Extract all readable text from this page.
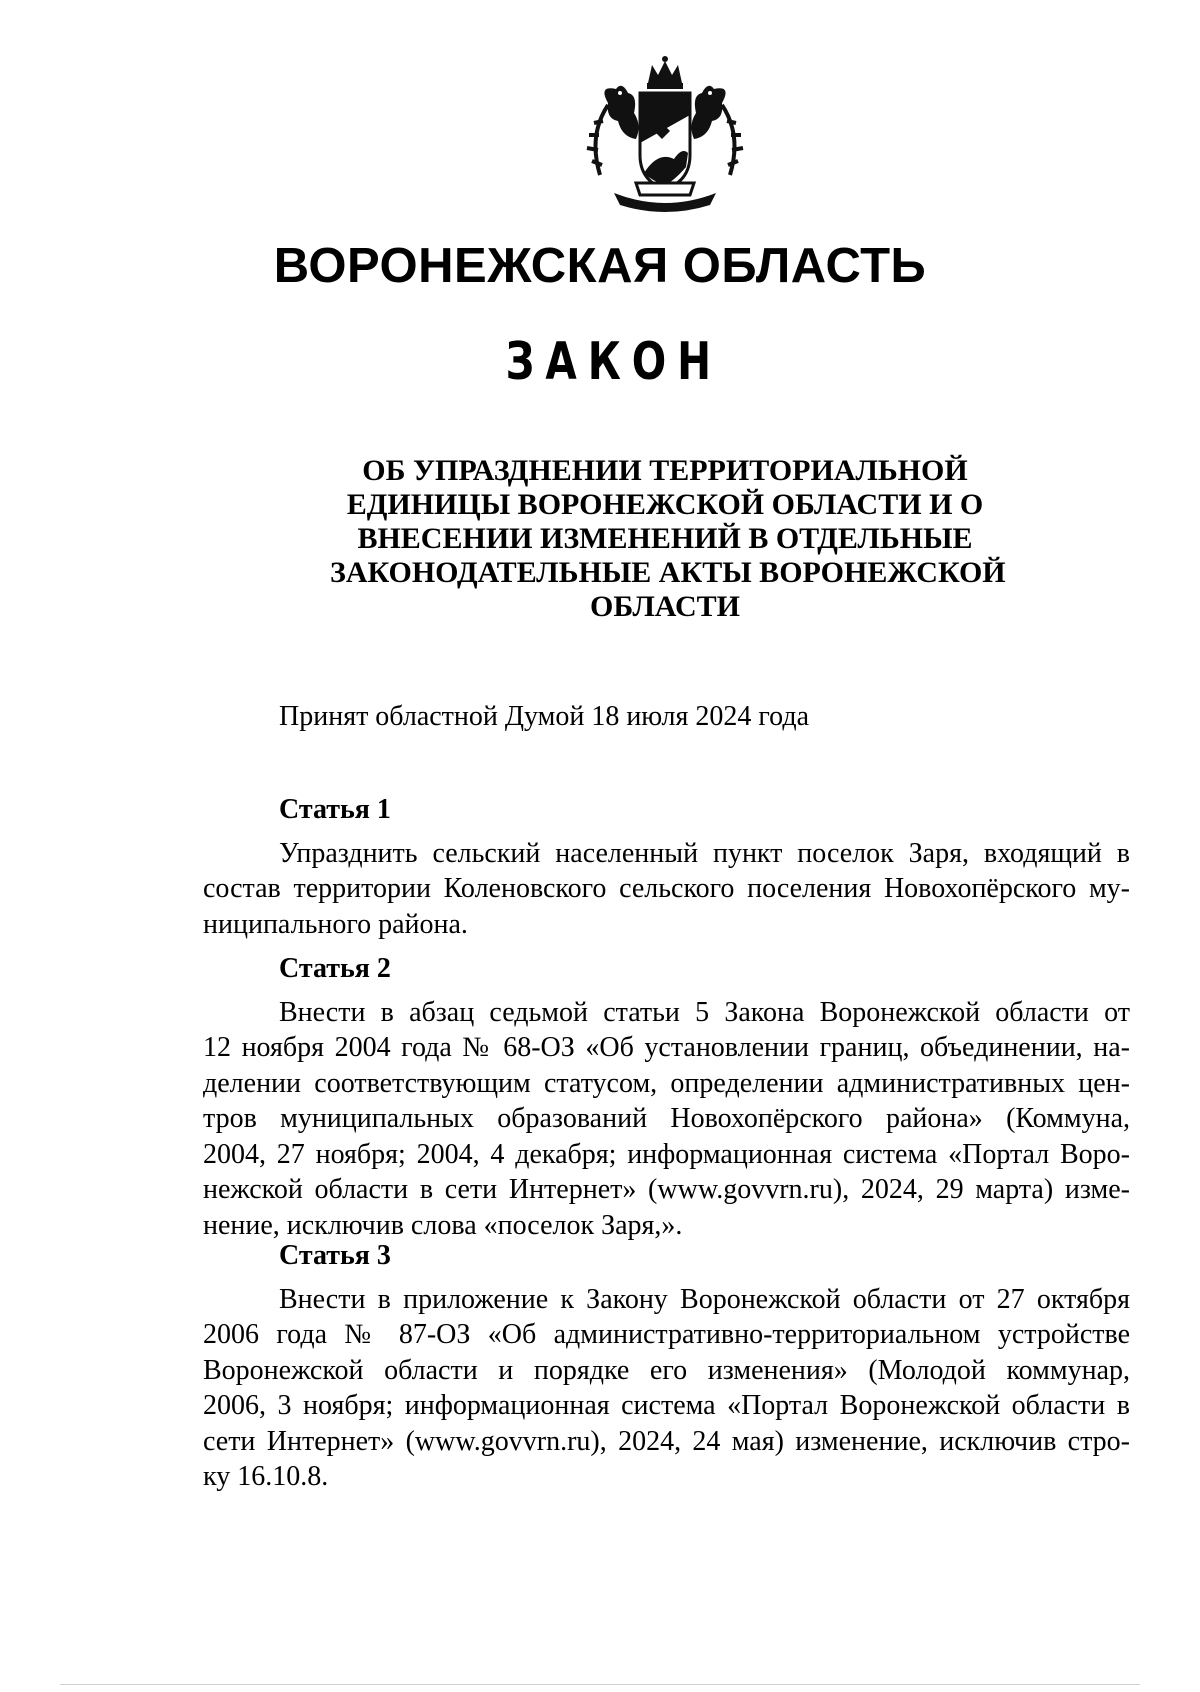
ВОРОНЕЖСКАЯ ОБЛАСТЬ
ЗАКОН
ОБ УПРАЗДНЕНИИ ТЕРРИТОРИАЛЬНОЙ
ЕДИНИЦЫ ВОРОНЕЖСКОЙ ОБЛАСТИ И О
ВНЕСЕНИИ ИЗМЕНЕНИЙ В ОТДЕЛЬНЫЕ
ЗАКОНОДАТЕЛЬНЫЕ АКТЫ ВОРОНЕЖСКОЙ
ОБЛАСТИ
Принят областной Думой 18 июля 2024 года
Статья 1
Упразднить сельский населенный пункт поселок Заря, входящий в
состав территории Коленовского сельского поселения Новохопёрского му-
ниципального района.
Статья 2
Внести в абзац седьмой статьи 5 Закона Воронежской области от
12 ноября 2004 года № 68-ОЗ «Об установлении границ, объединении, на-
делении соответствующим статусом, определении административных цен-
тров муниципальных образований Новохопёрского района» (Коммуна,
2004, 27 ноября; 2004, 4 декабря; информационная система «Портал Воро-
нежской области в сети Интернет» (www.govvrn.ru), 2024, 29 марта) изме-
нение, исключив слова «поселок Заря,».
Статья 3
Внести в приложение к Закону Воронежской области от 27 октября
2006 года № 87-ОЗ «Об административно-территориальном устройстве
Воронежской области и порядке его изменения» (Молодой коммунар,
2006, 3 ноября; информационная система «Портал Воронежской области в
сети Интернет» (www.govvrn.ru), 2024, 24 мая) изменение, исключив стро-
ку 16.10.8.
